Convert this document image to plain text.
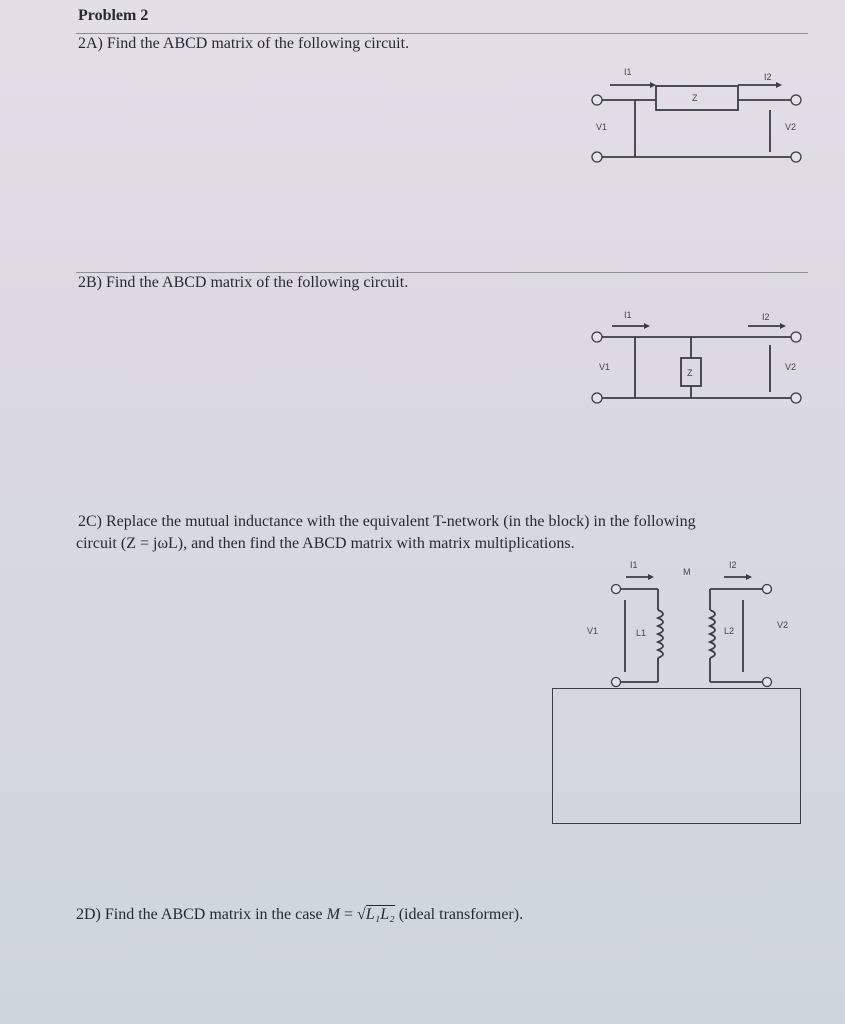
Problem 2
2A) Find the ABCD matrix of the following circuit.
I1	I2
Z
V1	V2
2B) Find the ABCD matrix of the following circuit.
I1	I2
Z
V1	V2
2C) Replace the mutual inductance with the equivalent T-network (in the block) in the following
circuit (Z = jωL), and then find the ABCD matrix with matrix multiplications.
I1	I2
M
V1
V2
L1	L2
2D) Find the ABCD matrix in the case M = √L₁L₂ (ideal transformer).
